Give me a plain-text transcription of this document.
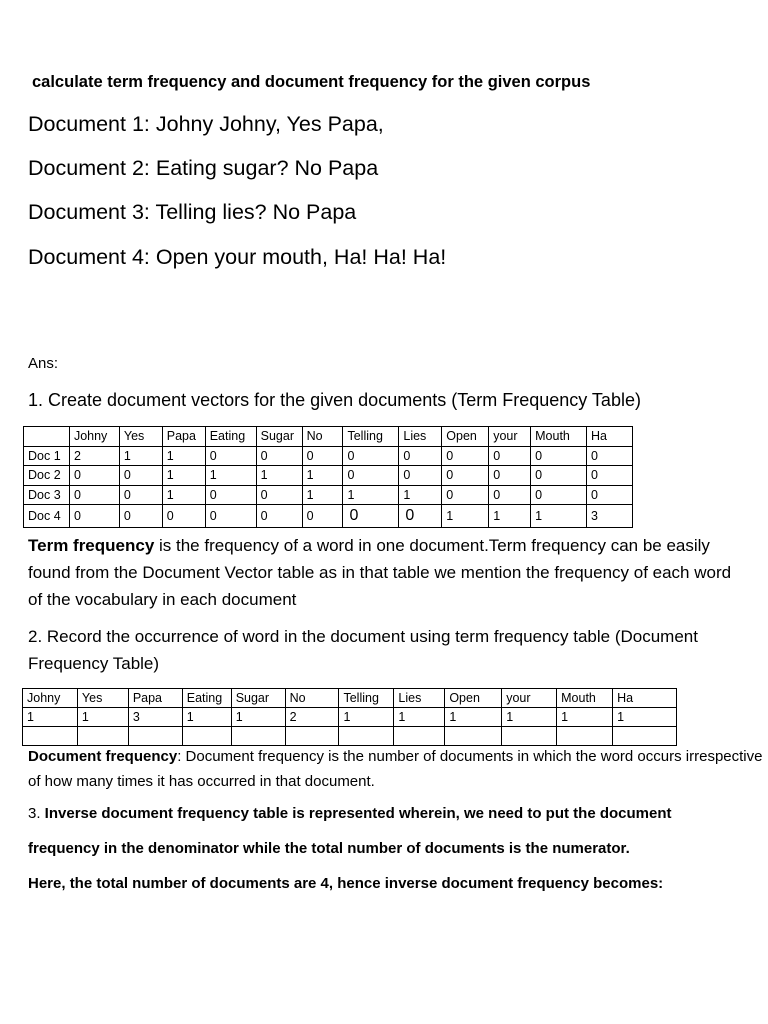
calculate term frequency and document frequency for the given corpus
Document 1: Johny Johny, Yes Papa,
Document 2: Eating sugar? No Papa
Document 3: Telling lies? No Papa
Document 4: Open your mouth, Ha! Ha! Ha!
Ans:
1. Create document vectors for the given documents (Term Frequency Table)
	Johny	Yes	Papa	Eating	Sugar	No	Telling	Lies	Open	your	Mouth	Ha
Doc 1	2	1	1	0	0	0	0	0	0	0	0	0
Doc 2	0	0	1	1	1	1	0	0	0	0	0	0
Doc 3	0	0	1	0	0	1	1	1	0	0	0	0
Doc 4	0	0	0	0	0	0	0	0	1	1	1	3
Term frequency is the frequency of a word in one document.Term frequency can be easily found from the Document Vector table as in that table we mention the frequency of each word of the vocabulary in each document
2. Record the occurrence of word in the document using term frequency table (Document Frequency Table)
Johny	Yes	Papa	Eating	Sugar	No	Telling	Lies	Open	your	Mouth	Ha
1	1	3	1	1	2	1	1	1	1	1	1

Document frequency: Document frequency is the number of documents in which the word occurs irrespective of how many times it has occurred in that document.
3. Inverse document frequency table is represented wherein, we need to put the document
frequency in the denominator while the total number of documents is the numerator.
Here, the total number of documents are 4, hence inverse document frequency becomes:
